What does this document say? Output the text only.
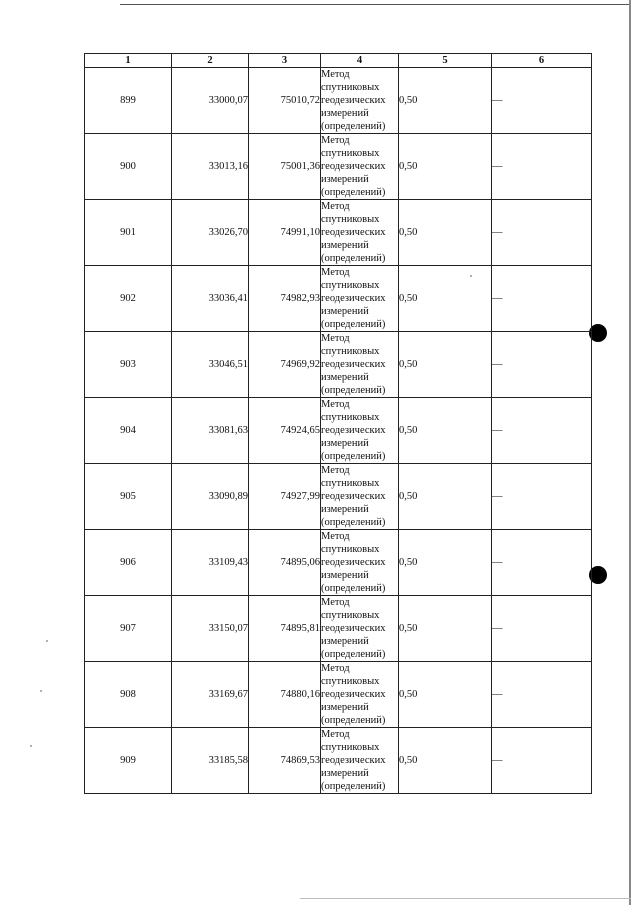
1	2	3	4	5	6
899	33000,07	75010,72	Метод
спутниковых
геодезических
измерений
(определений)	0,50	—
900	33013,16	75001,36	Метод
спутниковых
геодезических
измерений
(определений)	0,50	—
901	33026,70	74991,10	Метод
спутниковых
геодезических
измерений
(определений)	0,50	—
902	33036,41	74982,93	Метод
спутниковых
геодезических
измерений
(определений)	0,50	—
903	33046,51	74969,92	Метод
спутниковых
геодезических
измерений
(определений)	0,50	—
904	33081,63	74924,65	Метод
спутниковых
геодезических
измерений
(определений)	0,50	—
905	33090,89	74927,99	Метод
спутниковых
геодезических
измерений
(определений)	0,50	—
906	33109,43	74895,06	Метод
спутниковых
геодезических
измерений
(определений)	0,50	—
907	33150,07	74895,81	Метод
спутниковых
геодезических
измерений
(определений)	0,50	—
908	33169,67	74880,16	Метод
спутниковых
геодезических
измерений
(определений)	0,50	—
909	33185,58	74869,53	Метод
спутниковых
геодезических
измерений
(определений)	0,50	—
